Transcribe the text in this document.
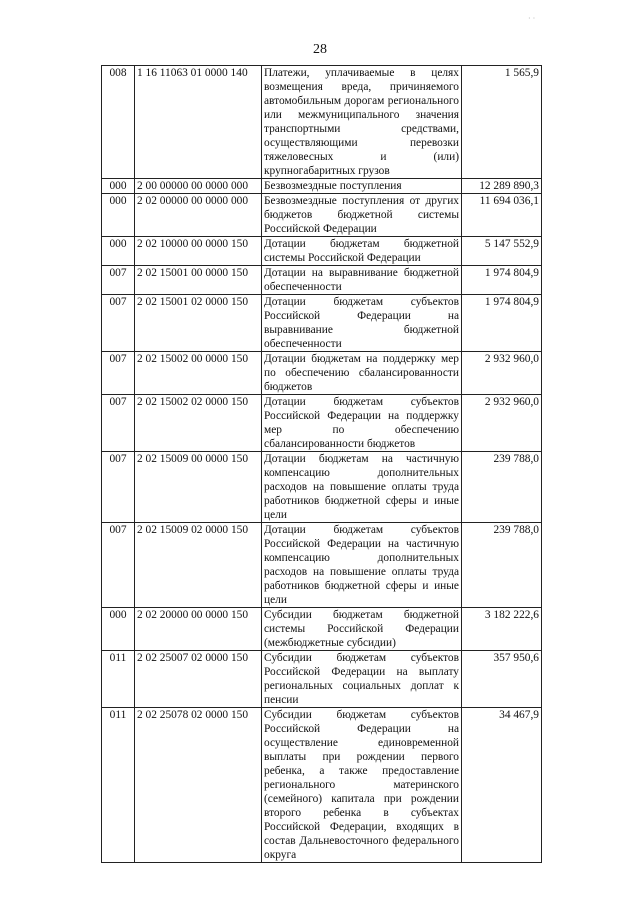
· ·
28
008	1 16 11063 01 0000 140	Платежи, уплачиваемые в целях возмещения вреда, причиняемого автомобильным дорогам регионального или межмуниципального значения транспортными средствами, осуществляющими перевозки тяжеловесных и (или) крупногабаритных грузов	1 565,9
000	2 00 00000 00 0000 000	Безвозмездные поступления	12 289 890,3
000	2 02 00000 00 0000 000	Безвозмездные поступления от других бюджетов бюджетной системы Российской Федерации	11 694 036,1
000	2 02 10000 00 0000 150	Дотации бюджетам бюджетной системы Российской Федерации	5 147 552,9
007	2 02 15001 00 0000 150	Дотации на выравнивание бюджетной обеспеченности	1 974 804,9
007	2 02 15001 02 0000 150	Дотации бюджетам субъектов Российской Федерации на выравнивание бюджетной обеспеченности	1 974 804,9
007	2 02 15002 00 0000 150	Дотации бюджетам на поддержку мер по обеспечению сбалансированности бюджетов	2 932 960,0
007	2 02 15002 02 0000 150	Дотации бюджетам субъектов Российской Федерации на поддержку мер по обеспечению сбалансированности бюджетов	2 932 960,0
007	2 02 15009 00 0000 150	Дотации бюджетам на частичную компенсацию дополнительных расходов на повышение оплаты труда работников бюджетной сферы и иные цели	239 788,0
007	2 02 15009 02 0000 150	Дотации бюджетам субъектов Российской Федерации на частичную компенсацию дополнительных расходов на повышение оплаты труда работников бюджетной сферы и иные цели	239 788,0
000	2 02 20000 00 0000 150	Субсидии бюджетам бюджетной системы Российской Федерации (межбюджетные субсидии)	3 182 222,6
011	2 02 25007 02 0000 150	Субсидии бюджетам субъектов Российской Федерации на выплату региональных социальных доплат к пенсии	357 950,6
011	2 02 25078 02 0000 150	Субсидии бюджетам субъектов Российской Федерации на осуществление единовременной выплаты при рождении первого ребенка, а также предоставление регионального материнского (семейного) капитала при рождении второго ребенка в субъектах Российской Федерации, входящих в состав Дальневосточного федерального округа	34 467,9
